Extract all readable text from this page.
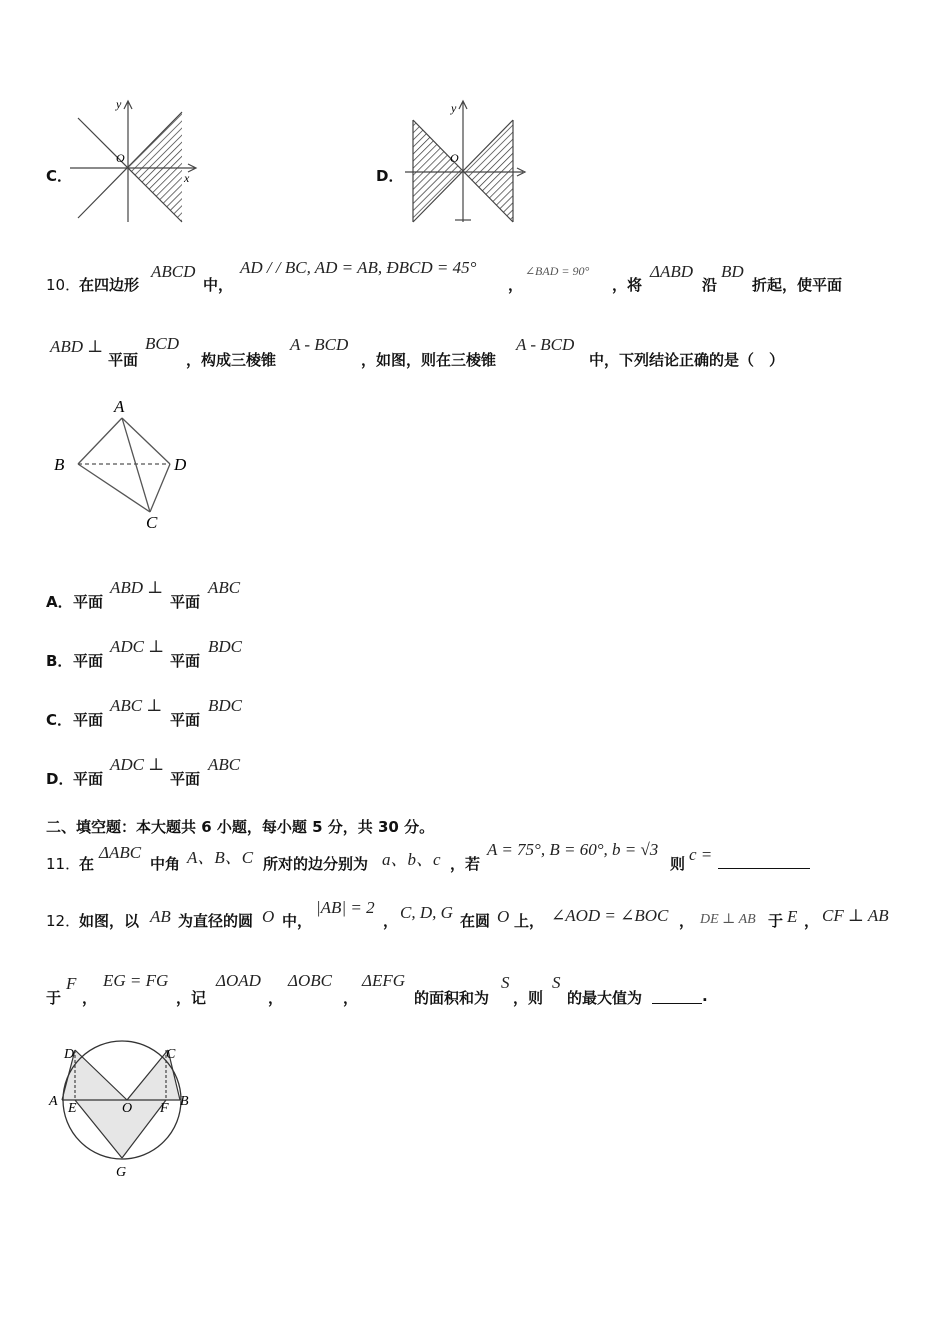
C．
y
x
O
D．
y
O
10．
在四边形
ABCD
中，
AD / / BC, AD = AB, ÐBCD = 45°
，
∠BAD = 90°
，将
ΔABD
沿
BD
折起，使平面
ABD ⊥
平面
BCD
，构成三棱锥
A - BCD
，如图，则在三棱锥
A - BCD
中，下列结论正确的是（　）
A
B	D
C
A． 平面
ABD ⊥
平面
ABC
B． 平面
ADC ⊥
平面
BDC
C． 平面
ABC ⊥
平面
BDC
D． 平面
ADC ⊥
平面
ABC
二、填空题：本大题共 6 小题，每小题 5 分，共 30 分。
11．
在
ΔABC
中角 A、B、C 所对的边分别为 a、b、c ，若
A = 75°, B = 60°, b = √3
则 c =
12．
如图，以 AB 为直径的圆 O 中，
|AB| = 2
， C, D, G 在圆 O 上， ∠AOD = ∠BOC ， DE ⊥ AB 于 E ， CF ⊥ AB
于
F
，
EG = FG
，记
ΔOAD
，
ΔOBC
，
ΔEFG
的面积和为
S
，则
S
的最大值为	.
D	C
A E	O F B
G
